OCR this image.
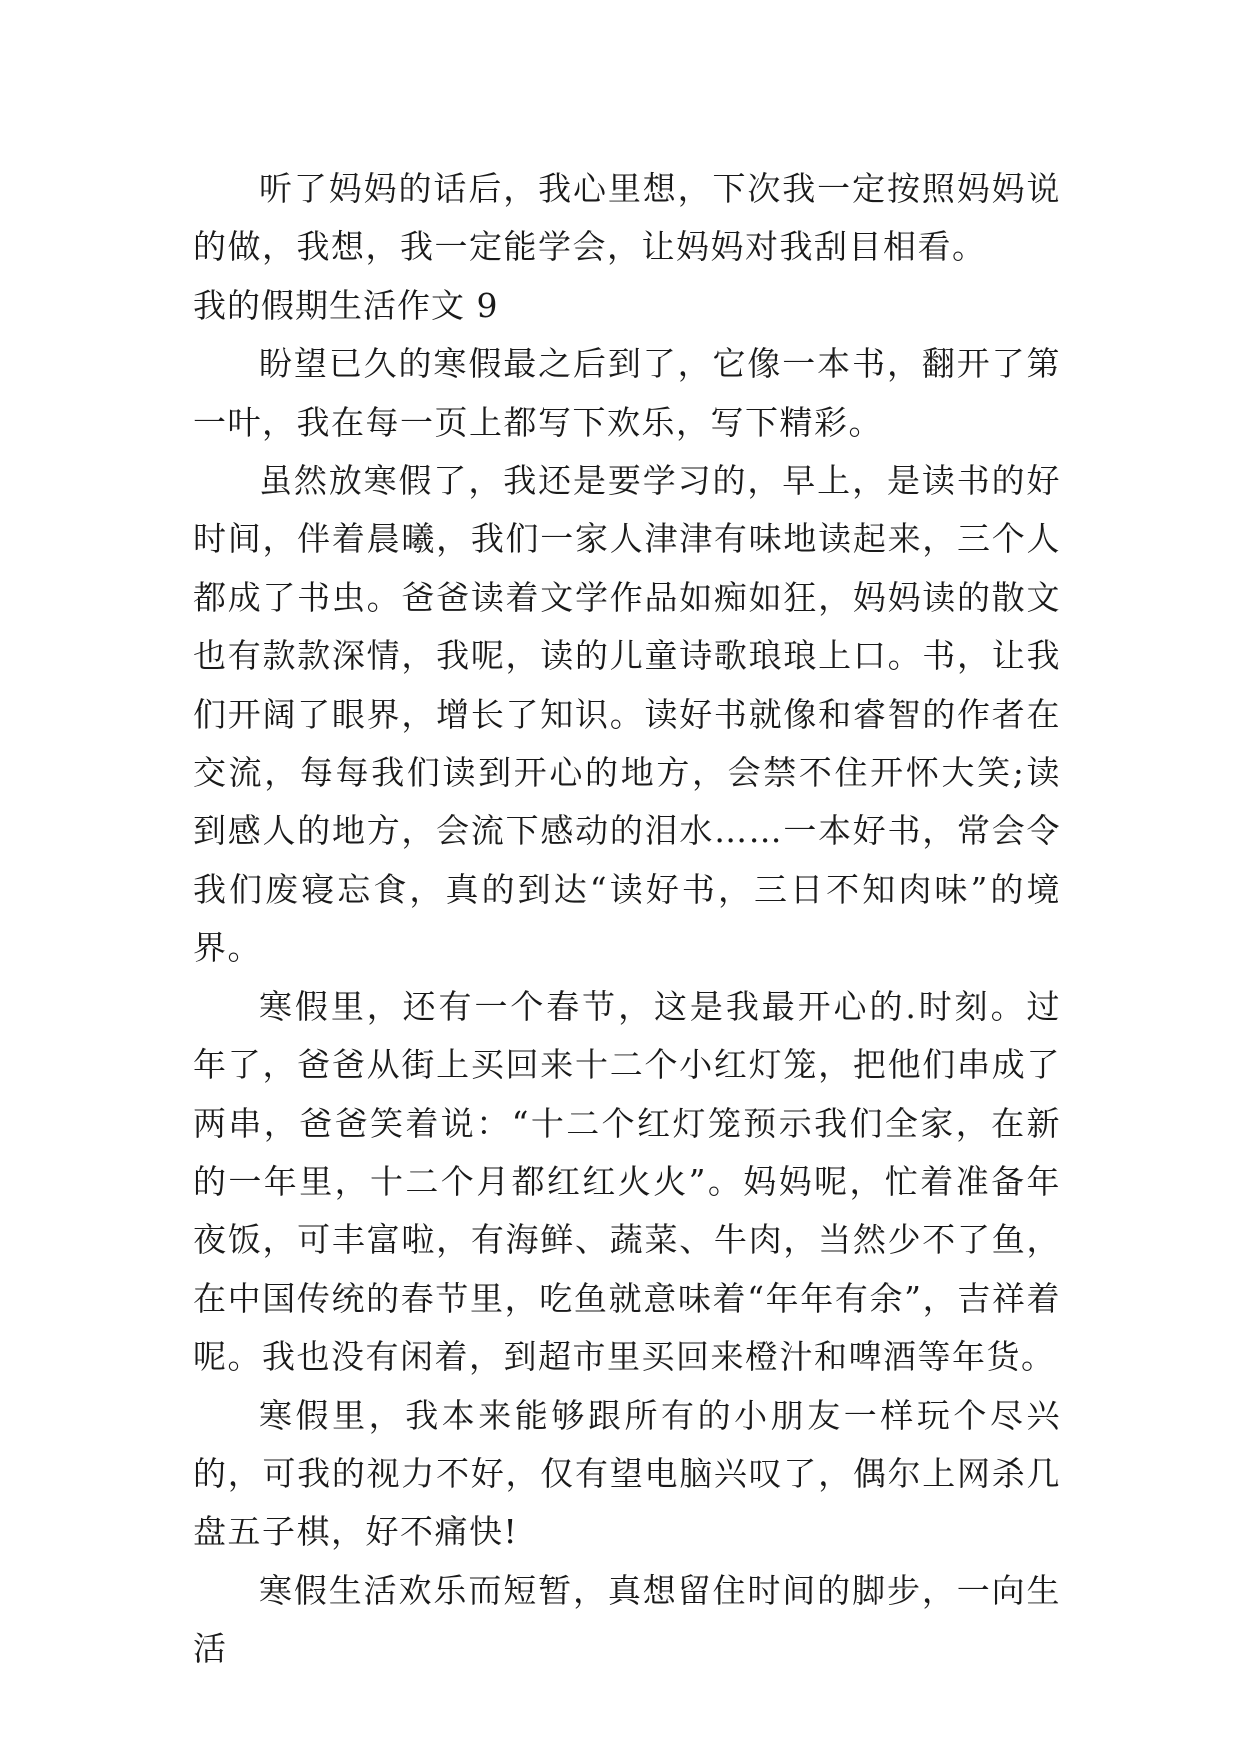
听了妈妈的话后，我心里想，下次我一定按照妈妈说的做，我想，我一定能学会，让妈妈对我刮目相看。

我的假期生活作文 9

盼望已久的寒假最之后到了，它像一本书，翻开了第一叶，我在每一页上都写下欢乐，写下精彩。

虽然放寒假了，我还是要学习的，早上，是读书的好时间，伴着晨曦，我们一家人津津有味地读起来，三个人都成了书虫。爸爸读着文学作品如痴如狂，妈妈读的散文也有款款深情，我呢，读的儿童诗歌琅琅上口。书，让我们开阔了眼界，增长了知识。读好书就像和睿智的作者在交流，每每我们读到开心的地方，会禁不住开怀大笑;读到感人的地方，会流下感动的泪水……一本好书，常会令我们废寝忘食，真的到达“读好书，三日不知肉味”的境界。

寒假里，还有一个春节，这是我最开心的.时刻。过年了，爸爸从街上买回来十二个小红灯笼，把他们串成了两串，爸爸笑着说：“十二个红灯笼预示我们全家，在新的一年里，十二个月都红红火火”。妈妈呢，忙着准备年夜饭，可丰富啦，有海鲜、蔬菜、牛肉，当然少不了鱼，在中国传统的春节里，吃鱼就意味着“年年有余”，吉祥着呢。我也没有闲着，到超市里买回来橙汁和啤酒等年货。

寒假里，我本来能够跟所有的小朋友一样玩个尽兴的，可我的视力不好，仅有望电脑兴叹了，偶尔上网杀几盘五子棋，好不痛快!

寒假生活欢乐而短暂，真想留住时间的脚步，一向生活
